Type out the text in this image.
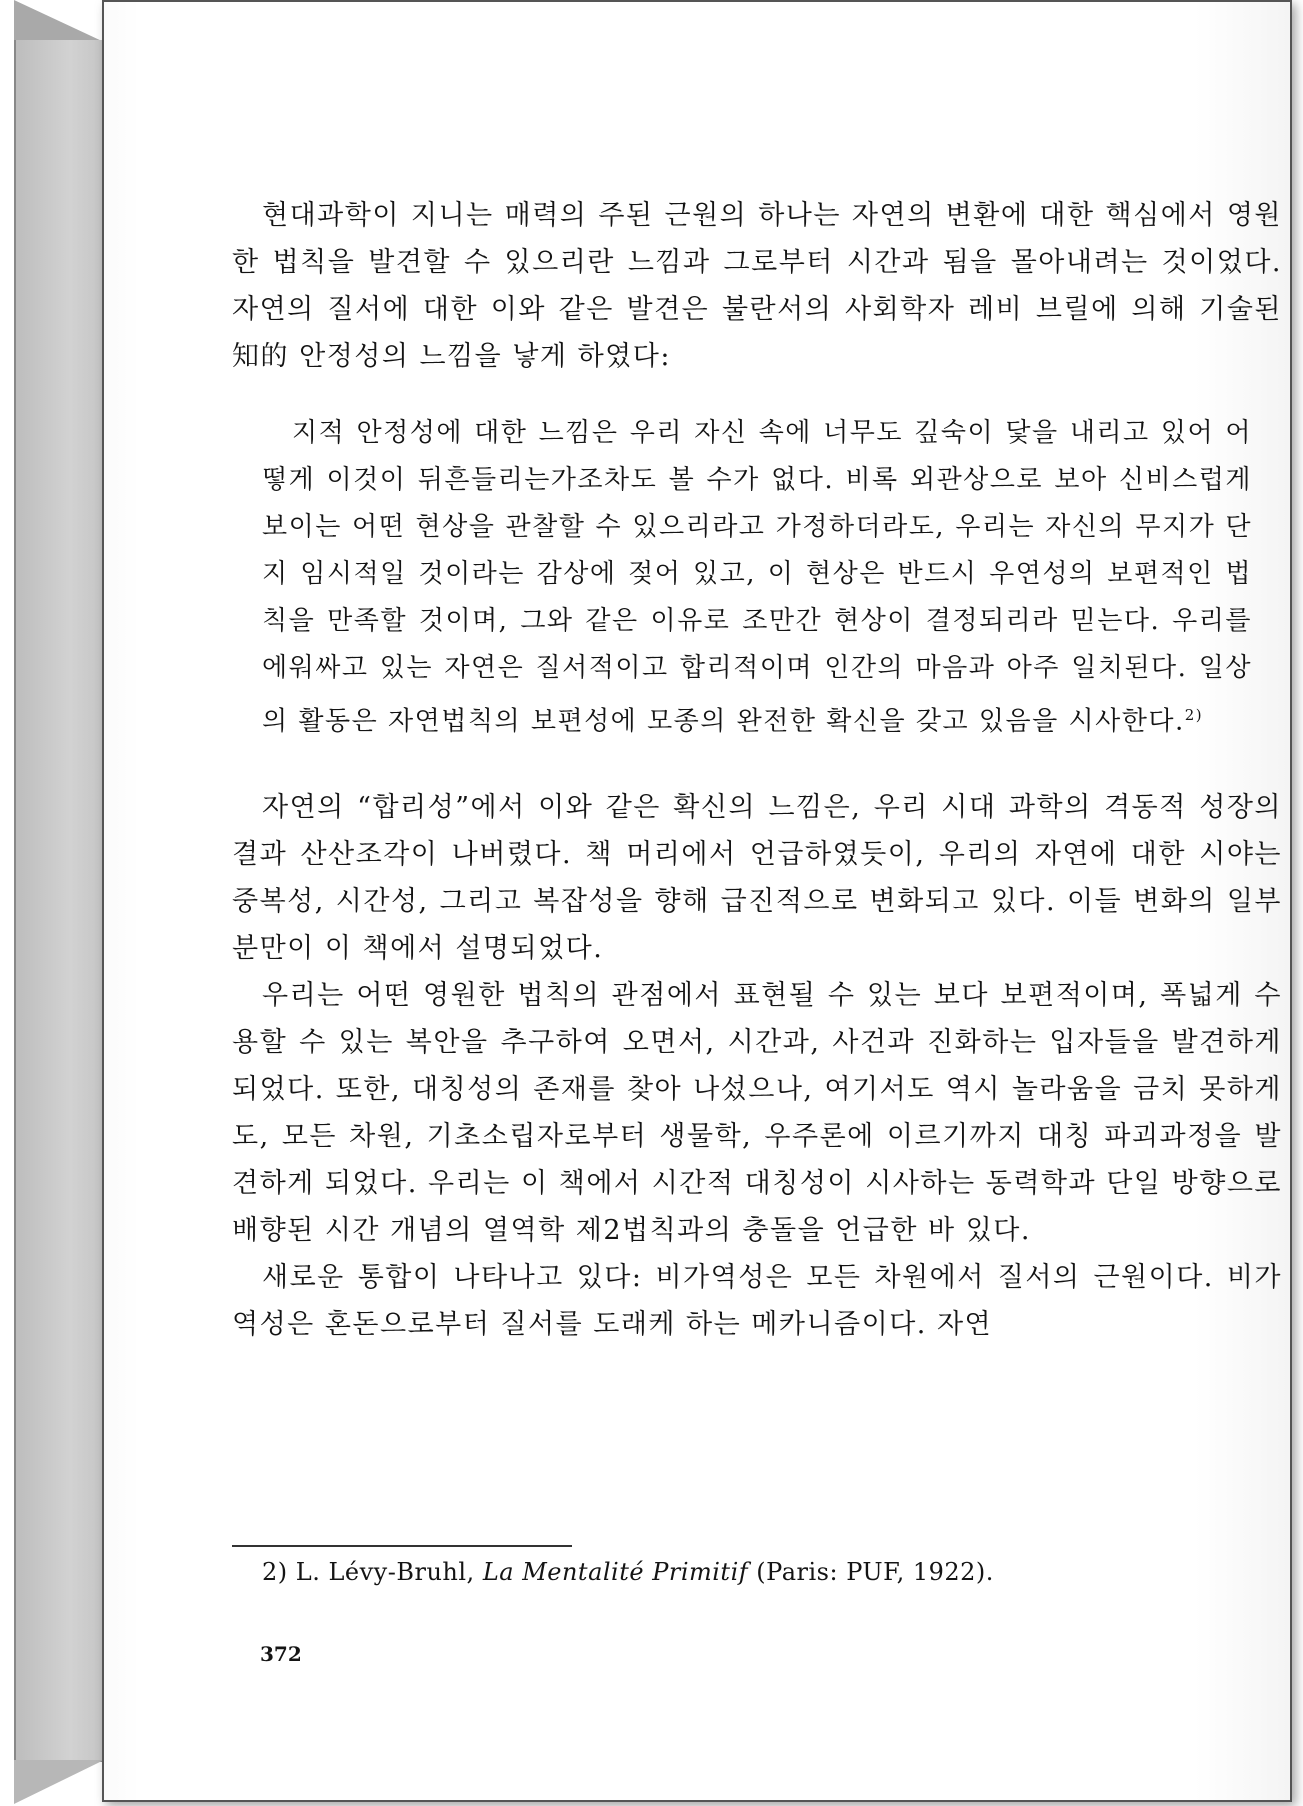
현대과학이 지니는 매력의 주된 근원의 하나는 자연의 변환에 대한 핵심에서 영원한 법칙을 발견할 수 있으리란 느낌과 그로부터 시간과 됨을 몰아내려는 것이었다. 자연의 질서에 대한 이와 같은 발견은 불란서의 사회학자 레비 브릴에 의해 기술된 知的 안정성의 느낌을 낳게 하였다:

지적 안정성에 대한 느낌은 우리 자신 속에 너무도 깊숙이 닻을 내리고 있어 어떻게 이것이 뒤흔들리는가조차도 볼 수가 없다. 비록 외관상으로 보아 신비스럽게 보이는 어떤 현상을 관찰할 수 있으리라고 가정하더라도, 우리는 자신의 무지가 단지 임시적일 것이라는 감상에 젖어 있고, 이 현상은 반드시 우연성의 보편적인 법칙을 만족할 것이며, 그와 같은 이유로 조만간 현상이 결정되리라 믿는다. 우리를 에워싸고 있는 자연은 질서적이고 합리적이며 인간의 마음과 아주 일치된다. 일상의 활동은 자연법칙의 보편성에 모종의 완전한 확신을 갖고 있음을 시사한다.$^{2)}$

자연의 “합리성”에서 이와 같은 확신의 느낌은, 우리 시대 과학의 격동적 성장의 결과 산산조각이 나버렸다. 책 머리에서 언급하였듯이, 우리의 자연에 대한 시야는 중복성, 시간성, 그리고 복잡성을 향해 급진적으로 변화되고 있다. 이들 변화의 일부분만이 이 책에서 설명되었다.

우리는 어떤 영원한 법칙의 관점에서 표현될 수 있는 보다 보편적이며, 폭넓게 수용할 수 있는 복안을 추구하여 오면서, 시간과, 사건과 진화하는 입자들을 발견하게 되었다. 또한, 대칭성의 존재를 찾아 나섰으나, 여기서도 역시 놀라움을 금치 못하게도, 모든 차원, 기초소립자로부터 생물학, 우주론에 이르기까지 대칭 파괴과정을 발견하게 되었다. 우리는 이 책에서 시간적 대칭성이 시사하는 동력학과 단일 방향으로 배향된 시간 개념의 열역학 제2법칙과의 충돌을 언급한 바 있다.

새로운 통합이 나타나고 있다: 비가역성은 모든 차원에서 질서의 근원이다. 비가역성은 혼돈으로부터 질서를 도래케 하는 메카니즘이다. 자연

2) L. Lévy-Bruhl, La Mentalité Primitif (Paris: PUF, 1922).
372
